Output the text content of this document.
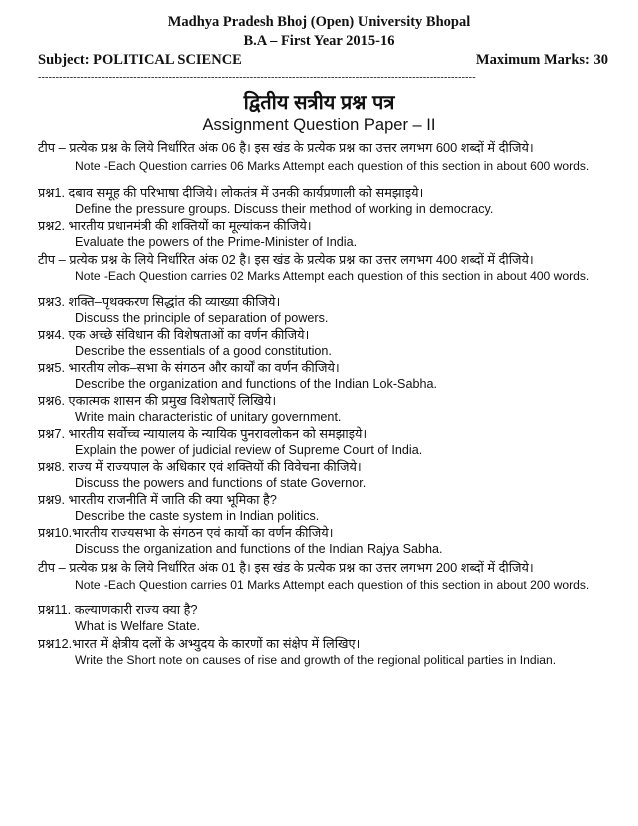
Madhya Pradesh Bhoj (Open) University Bhopal
B.A – First Year 2015-16
Subject: POLITICAL SCIENCE	Maximum Marks: 30
----------------------------------------------------------------------------------------------------------------------------
द्वितीय सत्रीय प्रश्न पत्र
Assignment Question Paper – II
टीप – प्रत्येक प्रश्न के लिये निर्धारित अंक 06 है। इस खंड के प्रत्येक प्रश्न का उत्तर लगभग 600 शब्दों में दीजिये।
Note -Each Question carries 06 Marks Attempt each question of this section in about 600 words.
प्रश्न1. दबाव समूह की परिभाषा दीजिये। लोकतंत्र में उनकी कार्यप्रणाली को समझाइये।
Define the pressure groups. Discuss their method of working in democracy.
प्रश्न2. भारतीय प्रधानमंत्री की शक्तियों का मूल्यांकन कीजिये।
Evaluate the powers of the Prime-Minister of India.
टीप – प्रत्येक प्रश्न के लिये निर्धारित अंक 02 है। इस खंड के प्रत्येक प्रश्न का उत्तर लगभग 400 शब्दों में दीजिये।
Note -Each Question carries 02 Marks Attempt each question of this section in about 400 words.
प्रश्न3. शक्ति–पृथक्करण सिद्धांत की व्याख्या कीजिये।
Discuss the principle of separation of powers.
प्रश्न4. एक अच्छे संविधान की विशेषताओं का वर्णन कीजिये।
Describe the essentials of a good constitution.
प्रश्न5. भारतीय लोक–सभा के संगठन और कार्यों का वर्णन कीजिये।
Describe the organization and functions of the Indian Lok-Sabha.
प्रश्न6. एकात्मक शासन की प्रमुख विशेषताऐं लिखिये।
Write main characteristic of unitary government.
प्रश्न7. भारतीय सर्वोच्च न्यायालय के न्यायिक पुनरावलोकन को समझाइये।
Explain the power of judicial review of Supreme Court of India.
प्रश्न8. राज्य में राज्यपाल के अधिकार एवं शक्तियों की विवेचना कीजिये।
Discuss the powers and functions of state Governor.
प्रश्न9. भारतीय राजनीति में जाति की क्या भूमिका है?
Describe the caste system in Indian politics.
प्रश्न10.भारतीय राज्यसभा के संगठन एवं कार्यो का वर्णन कीजिये।
Discuss the organization and functions of the Indian Rajya Sabha.
टीप – प्रत्येक प्रश्न के लिये निर्धारित अंक 01 है। इस खंड के प्रत्येक प्रश्न का उत्तर लगभग 200 शब्दों में दीजिये।
Note -Each Question carries 01 Marks Attempt each question of this section in about 200 words.
प्रश्न11. कल्याणकारी राज्य क्या है?
What is Welfare State.
प्रश्न12.भारत में क्षेत्रीय दलों के अभ्युदय के कारणों का संक्षेप में लिखिए।
Write the Short note on causes of rise and growth of the regional political parties in Indian.
